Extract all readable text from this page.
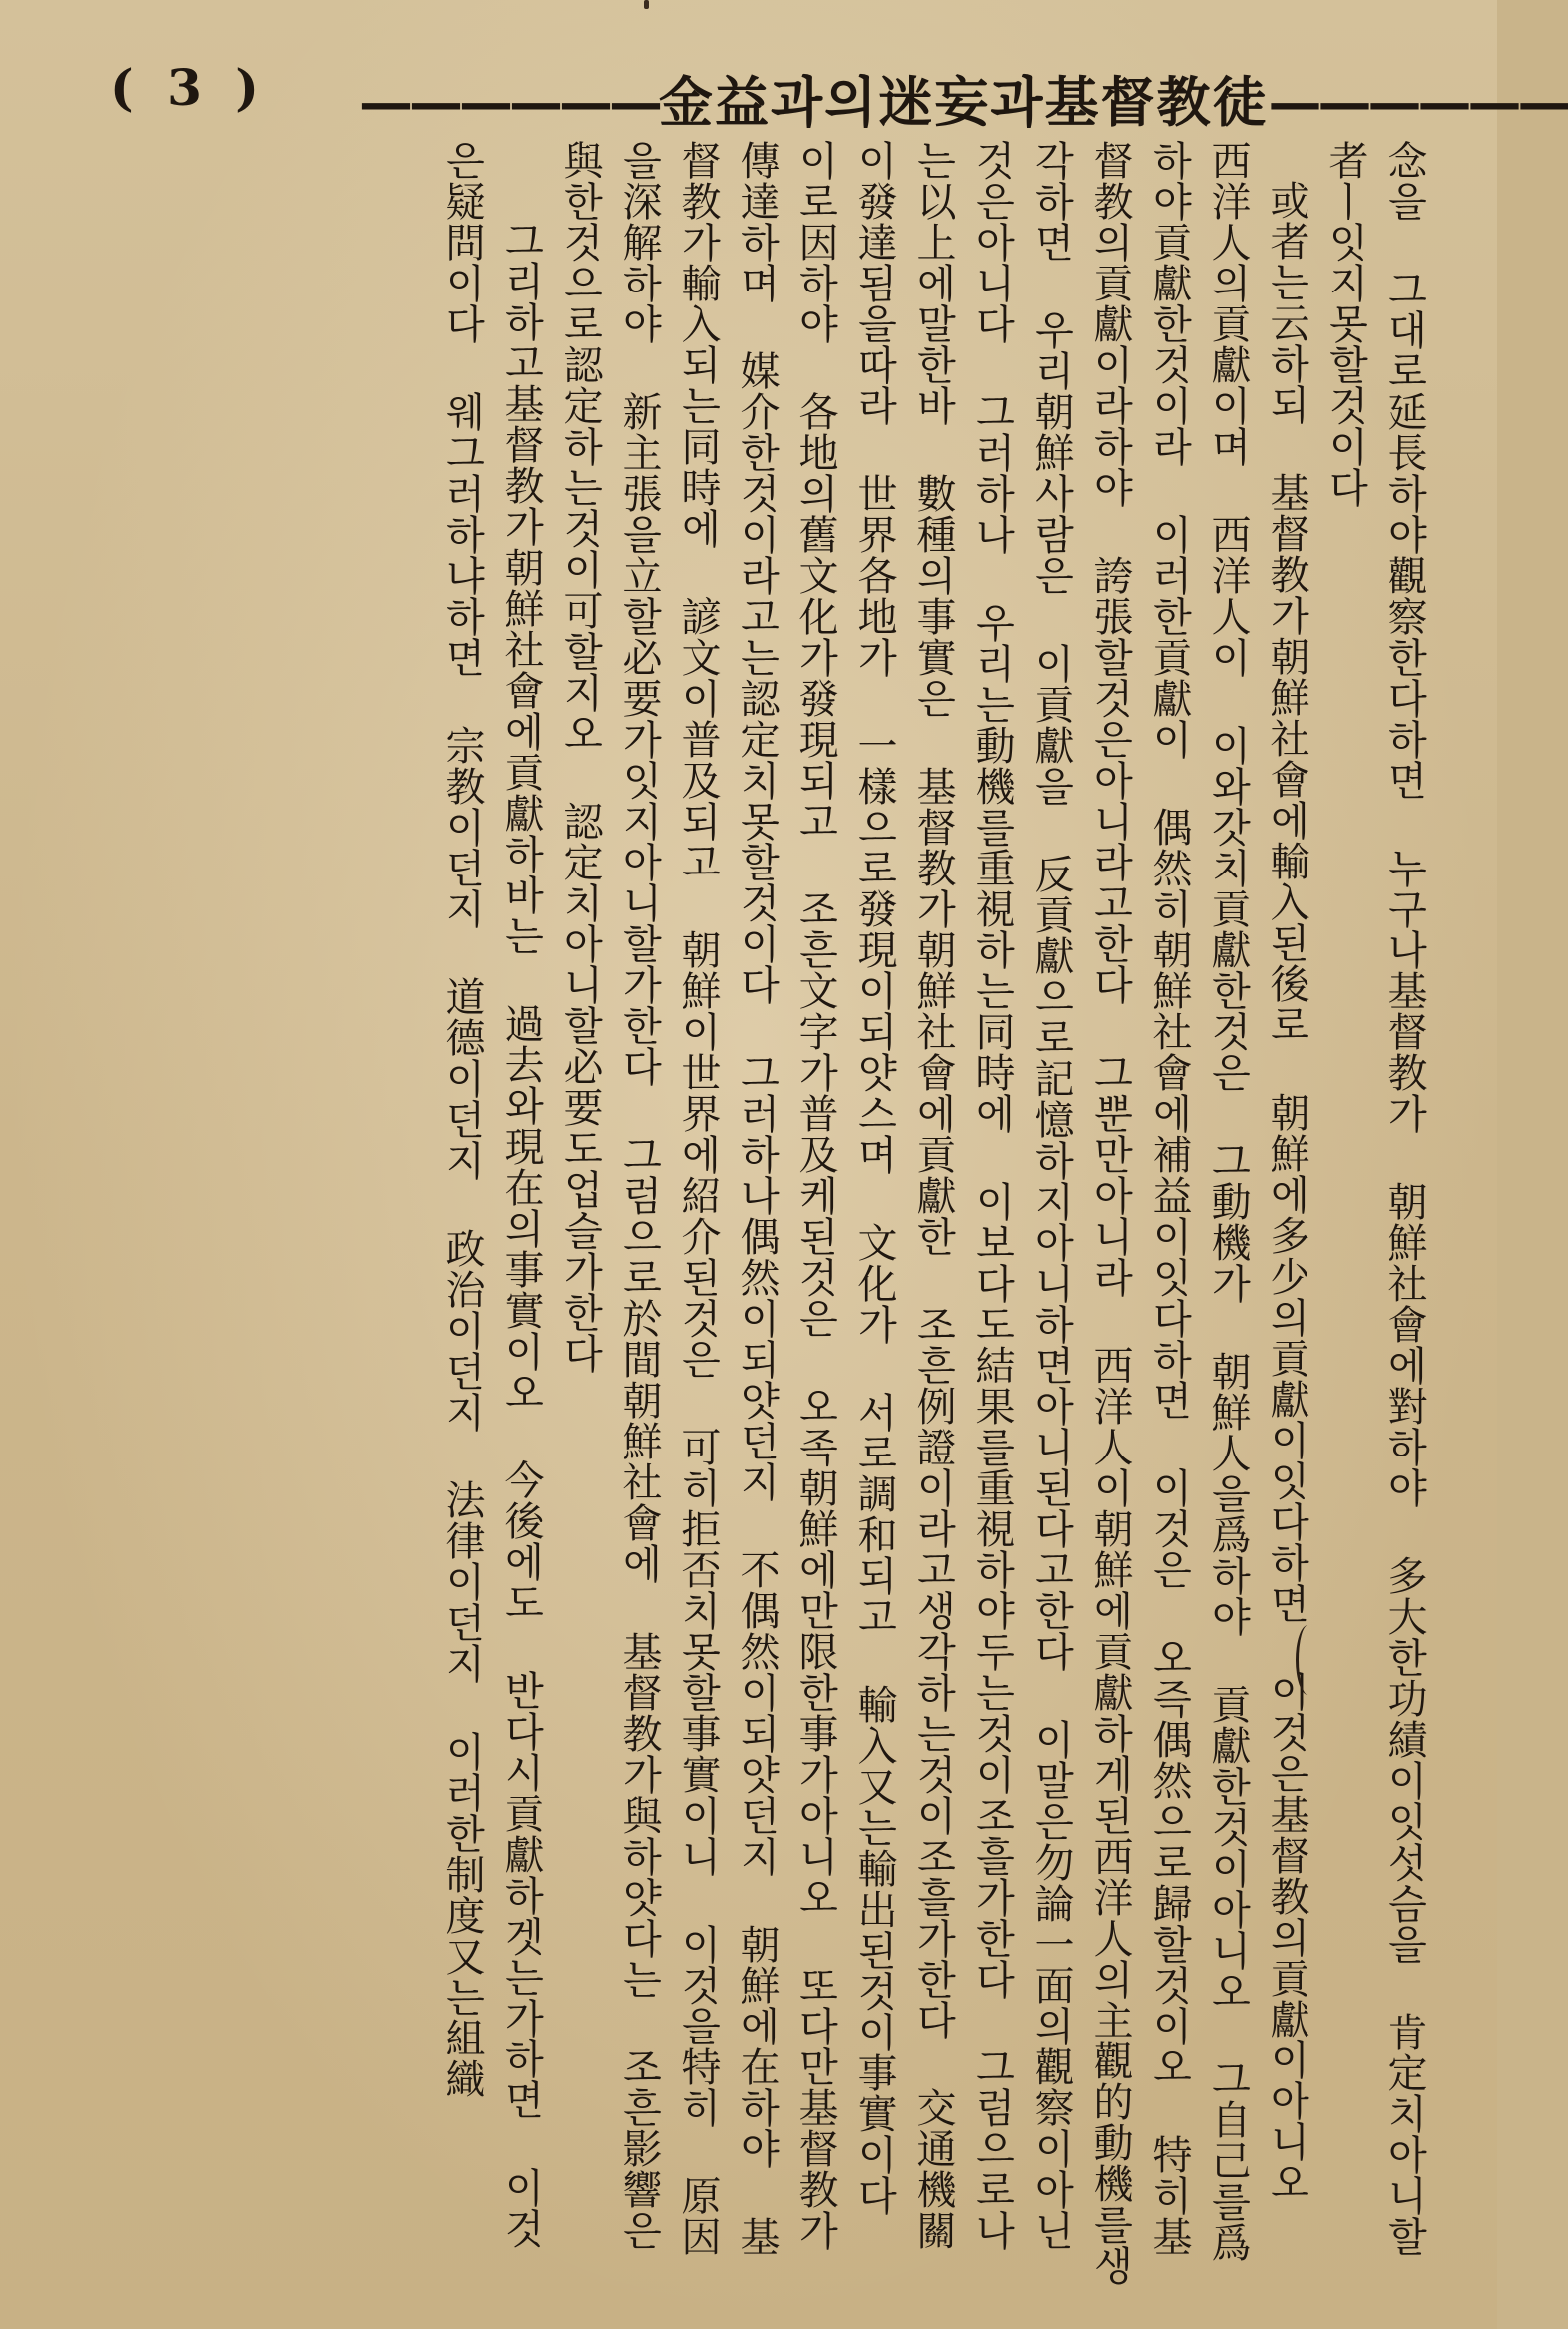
( 3 ) ——————金益과의迷妄과基督教徒——————

念을 그대로延長하야觀察한다하면 누구나基督教가 朝鮮社會에對하야 多大한功績이잇섯슴을 肯定치아니할者ㅣ잇지못할것이다

或者는云하되 基督教가朝鮮社會에輸入된後로 朝鮮에多少의貢獻이잇다하면 이것은基督教의貢獻이아니오 西洋人의貢獻이며 西洋人이 이와갓치貢獻한것은 그動機가 朝鮮人을爲하야 貢獻한것이아니오 그自己를爲하야貢獻한것이라 이러한貢獻이 偶然히朝鮮社會에補益이잇다하면 이것은 오즉偶然으로歸할것이오 特히基督教의貢獻이라하야 誇張할것은아니라고한다 그뿐만아니라 西洋人이朝鮮에貢獻하게된西洋人의主觀的動機를생각하면 우리朝鮮사람은 이貢獻을 反貢獻으로記憶하지아니하면아니된다고한다 이말은勿論一面의觀察이아닌것은아니다 그러하나 우리는動機를重視하는同時에 이보다도結果를重視하야두는것이조흘가한다 그럼으로나는以上에말한바 數種의事實은 基督教가朝鮮社會에貢獻한 조흔例證이라고생각하는것이조흘가한다 交通機關이發達됨을따라 世界各地가 一樣으로發現이되얏스며 文化가 서로調和되고 輸入又는輸出된것이事實이다 이로因하야 各地의舊文化가發現되고 조흔文字가普及케된것은 오족朝鮮에만限한事가아니오 또다만基督教가傳達하며 媒介한것이라고는認定치못할것이다 그러하나偶然이되얏던지 不偶然이되얏던지 朝鮮에在하야 基督教가輸入되는同時에 諺文이普及되고 朝鮮이世界에紹介된것은 可히拒否치못할事實이니 이것을特히 原因을深解하야 新主張을立할必要가잇지아니할가한다 그럼으로於間朝鮮社會에 基督教가與하얏다는 조흔影響은 與한것으로認定하는것이可할지오 認定치아니할必要도업슬가한다

그리하고基督教가朝鮮社會에貢獻하바는 過去와現在의事實이오 今後에도 반다시貢獻하겟는가하면 이것은疑問이다 웨그러하냐하면 宗教이던지 道德이던지 政治이던지 法律이던지 이러한制度又는組織
